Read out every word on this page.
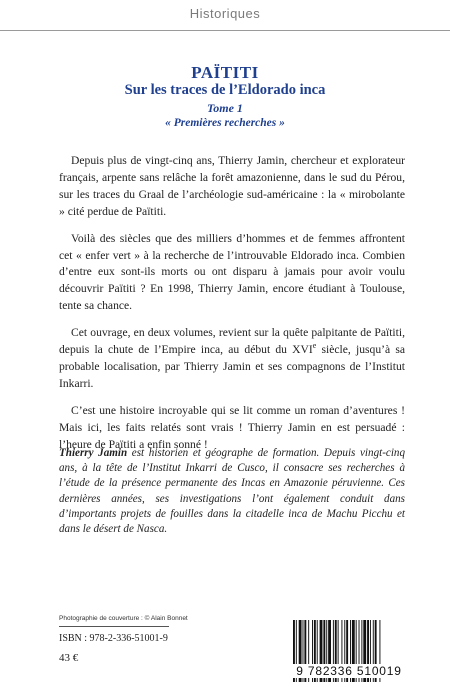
Historiques
PAÏTITI
Sur les traces de l’Eldorado inca
Tome 1
« Premières recherches »

Depuis plus de vingt-cinq ans, Thierry Jamin, chercheur et explorateur français, arpente sans relâche la forêt amazonienne, dans le sud du Pérou, sur les traces du Graal de l’archéologie sud-américaine : la « mirobolante » cité perdue de Païtiti.

Voilà des siècles que des milliers d’hommes et de femmes affrontent cet « enfer vert » à la recherche de l’introuvable Eldorado inca. Combien d’entre eux sont-ils morts ou ont disparu à jamais pour avoir voulu découvrir Païtiti ? En 1998, Thierry Jamin, encore étudiant à Toulouse, tente sa chance.

Cet ouvrage, en deux volumes, revient sur la quête palpitante de Païtiti, depuis la chute de l’Empire inca, au début du XVIe siècle, jusqu’à sa probable localisation, par Thierry Jamin et ses compagnons de l’Institut Inkarri.

C’est une histoire incroyable qui se lit comme un roman d’aventures ! Mais ici, les faits relatés sont vrais ! Thierry Jamin en est persuadé : l’heure de Païtiti a enfin sonné !

Thierry Jamin est historien et géographe de formation. Depuis vingt-cinq ans, à la tête de l’Institut Inkarri de Cusco, il consacre ses recherches à l’étude de la présence permanente des Incas en Amazonie péruvienne. Ces dernières années, ses investigations l’ont également conduit dans d’importants projets de fouilles dans la citadelle inca de Machu Picchu et dans le désert de Nasca.

Photographie de couverture : © Alain Bonnet
ISBN : 978-2-336-51001-9
43 €
9 782336 510019
